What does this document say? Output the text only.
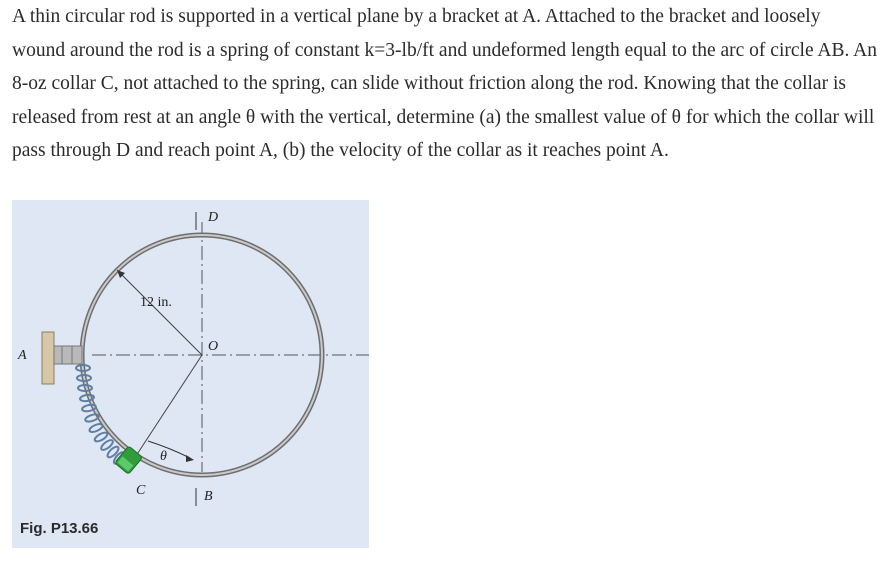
A thin circular rod is supported in a vertical plane by a bracket at A. Attached to the bracket and loosely wound around the rod is a spring of constant k=3-lb/ft and undeformed length equal to the arc of circle AB. An 8-oz collar C, not attached to the spring, can slide without friction along the rod. Knowing that the collar is released from rest at an angle θ with the vertical, determine (a) the smallest value of θ for which the collar will pass through D and reach point A, (b) the velocity of the collar as it reaches point A.
D
A
O
B
C
12 in.
θ
Fig. P13.66
